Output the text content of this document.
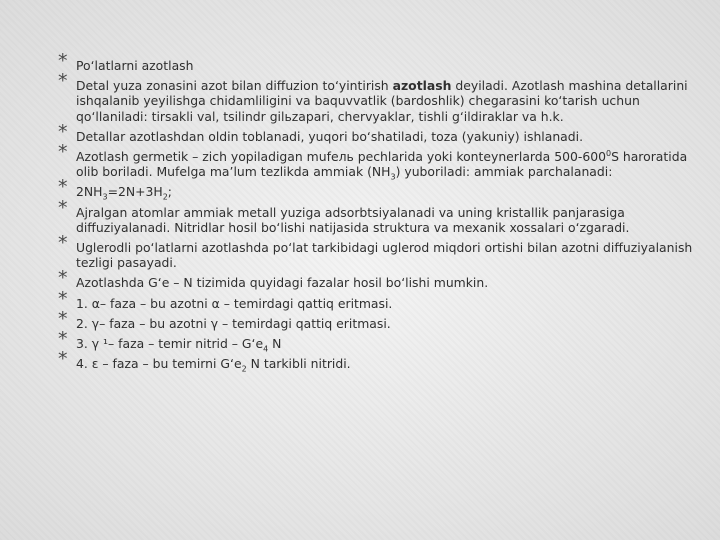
* Po‘latlarni azotlash
* Detal yuza zonasini azot bilan diffuzion to‘yintirish azotlash deyiladi. Azotlash mashina detallarini ishqalanib yeyilishga chidamliligini va baquvvatlik (bardoshlik) chegarasini ko‘tarish uchun qo‘llaniladi: tirsakli val, tsilindr gilьzapari, chervyaklar, tishli g‘ildiraklar va h.k.
* Detallar azotlashdan oldin toblanadi, yuqori bo‘shatiladi, toza (yakuniy) ishlanadi.
* Azotlash germetik – zich yopiladigan mufeль pechlarida yoki konteynerlarda $500-600^0S$ haroratida olib boriladi. Mufelga ma’lum tezlikda ammiak $(NH_3)$ yuboriladi: ammiak parchalanadi:
* $2NH_3=2N+3H_2$;
* Ajralgan atomlar ammiak metall yuziga adsorbtsiyalanadi va uning kristallik panjarasiga diffuziyalanadi. Nitridlar hosil bo‘lishi natijasida struktura va mexanik xossalari o‘zgaradi.
* Uglerodli po‘latlarni azotlashda po‘lat tarkibidagi uglerod miqdori ortishi bilan azotni diffuziyalanish tezligi pasayadi.
* Azotlashda G‘e – N tizimida quyidagi fazalar hosil bo‘lishi mumkin.
* 1. α– faza – bu azotni α – temirdagi qattiq eritmasi.
* 2. γ– faza – bu azotni γ – temirdagi qattiq eritmasi.
* 3. γ ¹– faza – temir nitrid – $G‘e_4$ N
* 4. ε – faza – bu temirni $G‘e_2$ N tarkibli nitridi.
